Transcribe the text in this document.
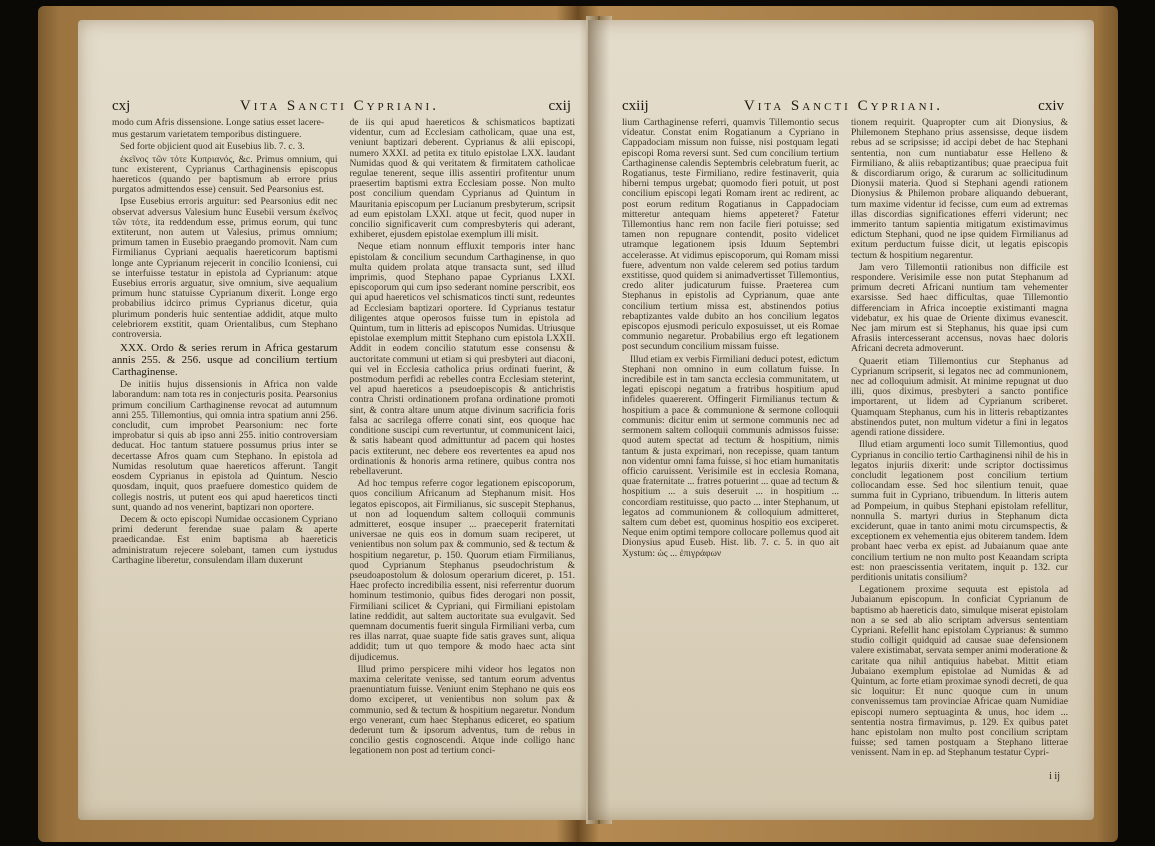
cxj	Vita Sancti Cypriani.	cxij

modo cum Afris dissensione. Longe satius esset lacere-

mus gestarum varietatem temporibus distinguere.

Sed forte objicient quod ait Eusebius lib. 7. c. 3.

ἐκεῖνος τῶν τότε Κυπριανός, &c. Primus omnium, qui tunc existerent, Cyprianus Carthaginensis episcopus haereticos (quando per baptismum ab errore prius purgatos admittendos esse) censuit. Sed Pearsonius est.

Ipse Eusebius erroris arguitur: sed Pearsonius edit nec observat adversus Valesium hunc Eusebii versum ἐκεῖνος τῶν τότε, ita reddendum esse, primus eorum, qui tunc extiterunt, non autem ut Valesius, primus omnium; primum tamen in Eusebio praegando promovit. Nam cum Firmilianus Cypriani aequalis haereticorum baptismi longe ante Cyprianum rejecerit in concilio Iconiensi, cui se interfuisse testatur in epistola ad Cyprianum: atque Eusebius erroris arguatur, sive omnium, sive aequalium primum hunc statuisse Cyprianum dixerit. Longe ergo probabilius idcirco primus Cyprianus dicetur, quia plurimum ponderis huic sententiae addidit, atque multo celebriorem exstitit, quam Orientalibus, cum Stephano controversia.

XXX. Ordo & series rerum in Africa gestarum annis 255. & 256. usque ad concilium tertium Carthaginense.

De initiis hujus dissensionis in Africa non valde laborandum: nam tota res in conjecturis posita. Pearsonius primum concilium Carthaginense revocat ad autumnum anni 255. Tillemontius, qui omnia intra spatium anni 256. concludit, cum improbet Pearsonium: nec forte improbatur si quis ab ipso anni 255. initio controversiam deducat. Hoc tantum statuere possumus prius inter se decertasse Afros quam cum Stephano. In epistola ad Numidas resolutum quae haereticos afferunt. Tangit eosdem Cyprianus in epistola ad Quintum. Nescio quosdam, inquit, quos praefuere domestico quidem de collegis nostris, ut putent eos qui apud haereticos tincti sunt, quando ad nos venerint, baptizari non oportere.

Decem & octo episcopi Numidae occasionem Cypriano primi dederunt ferendae suae palam & aperte praedicandae. Est enim baptisma ab haereticis administratum rejecere solebant, tamen cum iystudus Carthagine liberetur, consulendam illam duxerunt

de iis qui apud haereticos & schismaticos baptizati videntur, cum ad Ecclesiam catholicam, quae una est, veniunt baptizari deberent. Cyprianus & alii episcopi, numero XXXI. ad petita ex titulo epistolae LXX. laudant Numidas quod & qui veritatem & firmitatem catholicae regulae tenerent, seque illis assentiri profitentur unum praesertim baptismi extra Ecclesiam posse. Non multo post concilium quendam Cyprianus ad Quintum in Mauritania episcopum per Lucianum presbyterum, scripsit ad eum epistolam LXXI. atque ut fecit, quod nuper in concilio significaverit cum compresbyteris qui aderant, exhiberet, ejusdem epistolae exemplum illi misit.

Neque etiam nonnum effluxit temporis inter hanc epistolam & concilium secundum Carthaginense, in quo multa quidem prolata atque transacta sunt, sed illud imprimis, quod Stephano papae Cyprianus LXXI. episcoporum qui cum ipso sederant nomine perscribit, eos qui apud haereticos vel schismaticos tincti sunt, redeuntes ad Ecclesiam baptizari oportere. Id Cyprianus testatur diligentes atque operosos fuisse tum in epistola ad Quintum, tum in litteris ad episcopos Numidas. Utriusque epistolae exemplum mittit Stephano cum epistola LXXII. Addit in eodem concilio statutum esse consensu & auctoritate communi ut etiam si qui presbyteri aut diaconi, qui vel in Ecclesia catholica prius ordinati fuerint, & postmodum perfidi ac rebelles contra Ecclesiam steterint, vel apud haereticos a pseudoepiscopis & antichristis contra Christi ordinationem profana ordinatione promoti sint, & contra altare unum atque divinum sacrificia foris falsa ac sacrilega offerre conati sint, eos quoque hac conditione suscipi cum revertuntur, ut communicent laici, & satis habeant quod admittuntur ad pacem qui hostes pacis extiterunt, nec debere eos revertentes ea apud nos ordinationis & honoris arma retinere, quibus contra nos rebellaverunt.

Ad hoc tempus referre cogor legationem episcoporum, quos concilium Africanum ad Stephanum misit. Hos legatos episcopos, ait Firmilianus, sic suscepit Stephanus, ut non ad loquendum saltem colloquii communis admitteret, eosque insuper ... praeceperit fraternitati universae ne quis eos in domum suam reciperet, ut venientibus non solum pax & communio, sed & tectum & hospitium negaretur, p. 150. Quorum etiam Firmilianus, quod Cyprianum Stephanus pseudochristum & pseudoapostolum & dolosum operarium diceret, p. 151. Haec profecto incredibilia essent, nisi referrentur duorum hominum testimonio, quibus fides derogari non possit, Firmiliani scilicet & Cypriani, qui Firmiliani epistolam latine reddidit, aut saltem auctoritate sua evulgavit. Sed quemnam documentis fuerit singula Firmiliani verba, cum res illas narrat, quae suapte fide satis graves sunt, aliqua addidit; tum ut quo tempore & modo haec acta sint dijudicemus.

Illud primo perspicere mihi videor hos legatos non maxima celeritate venisse, sed tantum eorum adventus praenuntiatum fuisse. Veniunt enim Stephano ne quis eos domo exciperet, ut venientibus non solum pax & communio, sed & tectum & hospitium negaretur. Nondum ergo venerant, cum haec Stephanus ediceret, eo spatium dederunt tum & ipsorum adventus, tum de rebus in concilio gestis cognoscendi. Atque inde colligo hanc legationem non post ad tertium conci-

cxiij	Vita Sancti Cypriani.	cxiv

lium Carthaginense referri, quamvis Tillemontio secus videatur. Constat enim Rogatianum a Cypriano in Cappadociam missum non fuisse, nisi postquam legati episcopi Roma reversi sunt. Sed cum concilium tertium Carthaginense calendis Septembris celebratum fuerit, ac Rogatianus, teste Firmiliano, redire festinaverit, quia hiberni tempus urgebat; quomodo fieri potuit, ut post concilium episcopi legati Romam irent ac redirent, ac post eorum reditum Rogatianus in Cappadociam mitteretur antequam hiems appeteret? Fatetur Tillemontius hanc rem non facile fieri potuisse; sed tamen non repugnare contendit, posito videlicet utramque legationem ipsis Iduum Septembri accelerasse. At vidimus episcoporum, qui Romam missi fuere, adventum non valde celerem sed potius tardum exstitisse, quod quidem si animadvertisset Tillemontius, credo aliter judicaturum fuisse. Praeterea cum Stephanus in epistolis ad Cyprianum, quae ante concilium tertium missa est, abstinendos potius rebaptizantes valde dubito an hos concilium legatos episcopos ejusmodi periculo exposuisset, ut eis Romae communio negaretur. Probabilius ergo eft legationem post secundum concilium missam fuisse.

Illud etiam ex verbis Firmiliani deduci potest, edictum Stephani non omnino in eum collatum fuisse. In incredibile est in tam sancta ecclesia communitatem, ut legati episcopi negatum a fratribus hospitium apud infideles quaererent. Offingerit Firmilianus tectum & hospitium a pace & communione & sermone colloquii communis: dicitur enim ut sermone communis nec ad sermonem saltem colloquii communis admissos fuisse: quod autem spectat ad tectum & hospitium, nimis tantum & justa exprimari, non recepisse, quam tantum non videntur omni fama fuisse, si hoc etiam humanitatis officio caruissent. Verisimile est in ecclesia Romana, quae fraternitate ... fratres potuerint ... quae ad tectum & hospitium ... a suis deseruit ... in hospitium ... concordiam restituisse, quo pacto ... inter Stephanum, ut legatos ad communionem & colloquium admitteret, saltem cum debet est, quominus hospitio eos exciperet. Neque enim optimi tempore collocare pollemus quod ait Dionysius apud Euseb. Hist. lib. 7. c. 5. in quo ait Xystum: ὡς ... ἐπιγράφων

tionem requirit. Quapropter cum ait Dionysius, & Philemonem Stephano prius assensisse, deque iisdem rebus ad se scripsisse; id accipi debet de hac Stephani sententia, non cum nuntiabatur esse Helleno & Firmiliano, & aliis rebaptizantibus; quae praecipua fuit & discordiarum origo, & curarum ac sollicitudinum Dionysii materia. Quod si Stephani agendi rationem Dionysius & Philemon probare aliquando debuerant, tum maxime videntur id fecisse, cum eum ad extremas illas discordias significationes efferri viderunt; nec immerito tantum sapientia mitigatum existimavimus edictum Stephani, quod ne ipse quidem Firmilianus ad exitum perductum fuisse dicit, ut legatis episcopis tectum & hospitium negarentur.

Jam vero Tillemontii rationibus non difficile est respondere. Verisimile esse non putat Stephanum ad primum decreti Africani nuntium tam vehementer exarsisse. Sed haec difficultas, quae Tillemontio differenciam in Africa incoeptie existimanti magna videbatur, ex his quae de Oriente diximus evanescit. Nec jam mirum est si Stephanus, his quae ipsi cum Afrasiis intercesserant accensus, novas haec doloris Africani decreta admoverunt.

Quaerit etiam Tillemontius cur Stephanus ad Cyprianum scripserit, si legatos nec ad communionem, nec ad colloquium admisit. At minime repugnat ut duo illi, quos diximus, presbyteri a sancto pontifice importarent, ut lidem ad Cyprianum scriberet. Quamquam Stephanus, cum his in litteris rebaptizantes abstinendos putet, non multum videtur a fini in legatos agendi ratione dissidere.

Illud etiam argumenti loco sumit Tillemontius, quod Cyprianus in concilio tertio Carthaginensi nihil de his in legatos injuriis dixerit: unde scriptor doctissimus concludit legationem post concilium tertium collocandam esse. Sed hoc silentium tenuit, quae summa fuit in Cypriano, tribuendum. In litteris autem ad Pompeium, in quibus Stephani epistolam refellitur, nonnulla S. martyri durius in Stephanum dicta exciderunt, quae in tanto animi motu circumspectis, & exceptionem ex vehementia ejus obiterem tandem. Idem probant haec verba ex epist. ad Jubaianum quae ante concilium tertium ne non multo post Keaandam scripta est: non praescissentia veritatem, inquit p. 132. cur perditionis unitatis consilium?

Legationem proxime sequuta est epistola ad Jubaianum episcopum. In conficiat Cyprianum de baptismo ab haereticis dato, simulque miserat epistolam non a se sed ab alio scriptam adversus sententiam Cypriani. Refellit hanc epistolam Cyprianus: & summo studio colligit quidquid ad causae suae defensionem valere existimabat, servata semper animi moderatione & caritate qua nihil antiquius habebat. Mittit etiam Jubaiano exemplum epistolae ad Numidas & ad Quintum, ac forte etiam proximae synodi decreti, de qua sic loquitur: Et nunc quoque cum in unum convenissemus tam provinciae Africae quam Numidiae episcopi numero septuaginta & unus, hoc idem ... sententia nostra firmavimus, p. 129. Ex quibus patet hanc epistolam non multo post concilium scriptam fuisse; sed tamen postquam a Stephano litterae venissent. Nam in ep. ad Stephanum testatur Cypri-

i ij
